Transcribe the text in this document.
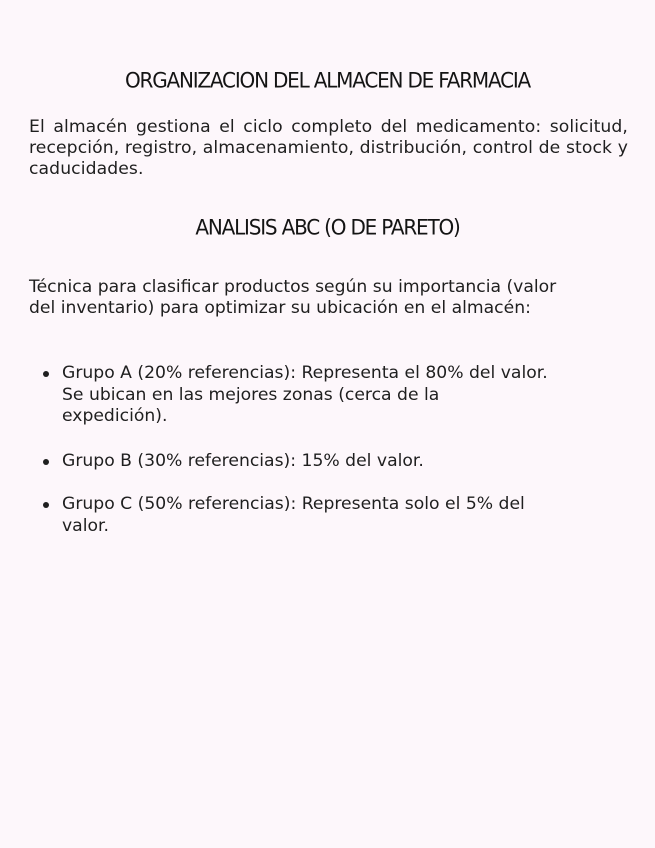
ORGANIZACION DEL ALMACEN DE FARMACIA

El almacén gestiona el ciclo completo del medicamento: solicitud, recepción, registro, almacenamiento, distribución, control de stock y caducidades.

ANALISIS ABC (O DE PARETO)

Técnica para clasificar productos según su importancia (valor del inventario) para optimizar su ubicación en el almacén:

Grupo A (20% referencias): Representa el 80% del valor. Se ubican en las mejores zonas (cerca de la expedición).
Grupo B (30% referencias): 15% del valor.
Grupo C (50% referencias): Representa solo el 5% del valor.
